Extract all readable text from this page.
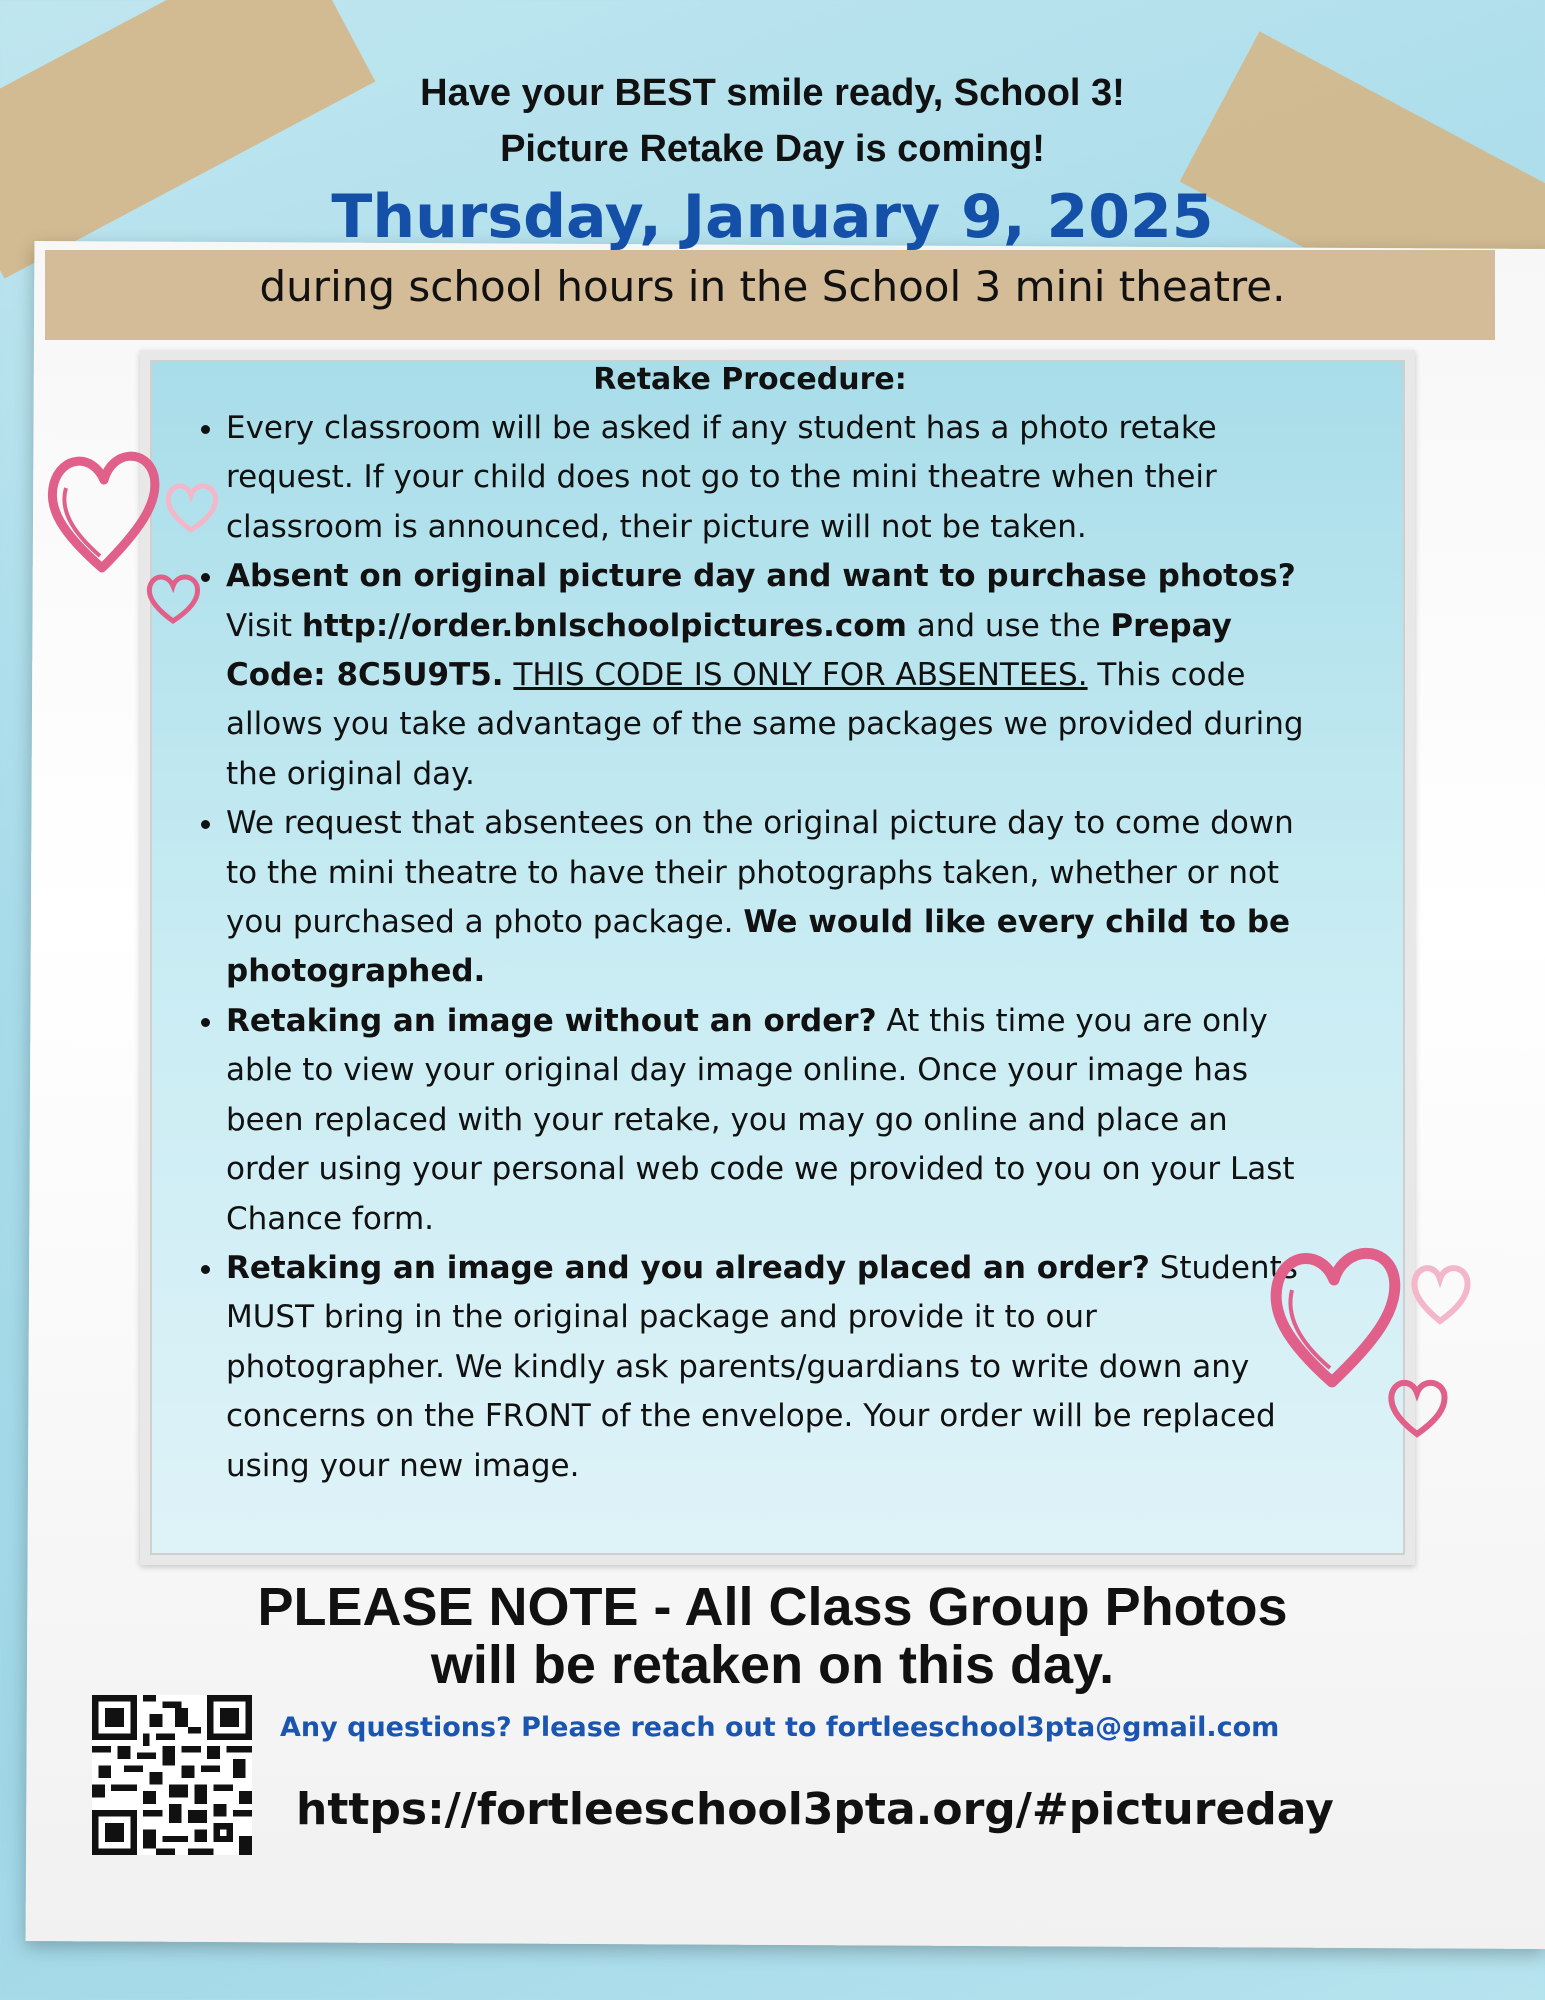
Have your BEST smile ready, School 3!
Picture Retake Day is coming!
Thursday, January 9, 2025
during school hours in the School 3 mini theatre.
Retake Procedure:
• Every classroom will be asked if any student has a photo retake request. If your child does not go to the mini theatre when their classroom is announced, their picture will not be taken.
• Absent on original picture day and want to purchase photos? Visit http://order.bnlschoolpictures.com and use the Prepay Code: 8C5U9T5. THIS CODE IS ONLY FOR ABSENTEES. This code allows you take advantage of the same packages we provided during the original day.
• We request that absentees on the original picture day to come down to the mini theatre to have their photographs taken, whether or not you purchased a photo package. We would like every child to be photographed.
• Retaking an image without an order? At this time you are only able to view your original day image online. Once your image has been replaced with your retake, you may go online and place an order using your personal web code we provided to you on your Last Chance form.
• Retaking an image and you already placed an order? Students MUST bring in the original package and provide it to our photographer. We kindly ask parents/guardians to write down any concerns on the FRONT of the envelope. Your order will be replaced using your new image.
PLEASE NOTE - All Class Group Photos
will be retaken on this day.
Any questions? Please reach out to fortleeschool3pta@gmail.com
https://fortleeschool3pta.org/#pictureday
